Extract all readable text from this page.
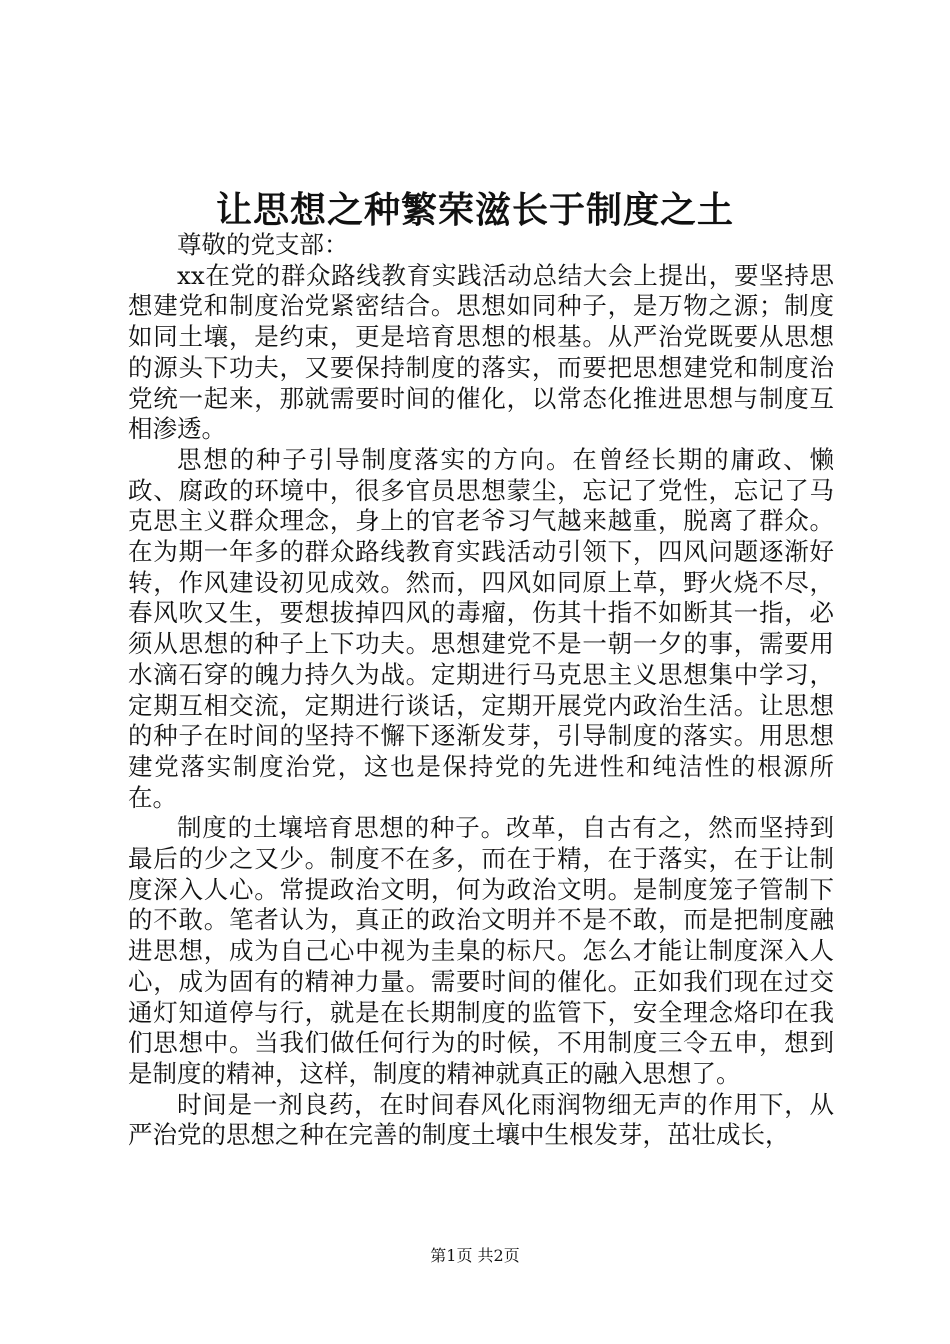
让思想之种繁荣滋长于制度之土

尊敬的党支部：

xx在党的群众路线教育实践活动总结大会上提出，要坚持思想建党和制度治党紧密结合。思想如同种子，是万物之源；制度如同土壤，是约束，更是培育思想的根基。从严治党既要从思想的源头下功夫，又要保持制度的落实，而要把思想建党和制度治党统一起来，那就需要时间的催化，以常态化推进思想与制度互相渗透。

思想的种子引导制度落实的方向。在曾经长期的庸政、懒政、腐政的环境中，很多官员思想蒙尘，忘记了党性，忘记了马克思主义群众理念，身上的官老爷习气越来越重，脱离了群众。在为期一年多的群众路线教育实践活动引领下，四风问题逐渐好转，作风建设初见成效。然而，四风如同原上草，野火烧不尽，春风吹又生，要想拔掉四风的毒瘤，伤其十指不如断其一指，必须从思想的种子上下功夫。思想建党不是一朝一夕的事，需要用水滴石穿的魄力持久为战。定期进行马克思主义思想集中学习，定期互相交流，定期进行谈话，定期开展党内政治生活。让思想的种子在时间的坚持不懈下逐渐发芽，引导制度的落实。用思想建党落实制度治党，这也是保持党的先进性和纯洁性的根源所在。

制度的土壤培育思想的种子。改革，自古有之，然而坚持到最后的少之又少。制度不在多，而在于精，在于落实，在于让制度深入人心。常提政治文明，何为政治文明。是制度笼子管制下的不敢。笔者认为，真正的政治文明并不是不敢，而是把制度融进思想，成为自己心中视为圭臬的标尺。怎么才能让制度深入人心，成为固有的精神力量。需要时间的催化。正如我们现在过交通灯知道停与行，就是在长期制度的监管下，安全理念烙印在我们思想中。当我们做任何行为的时候，不用制度三令五申，想到是制度的精神，这样，制度的精神就真正的融入思想了。

时间是一剂良药，在时间春风化雨润物细无声的作用下，从严治党的思想之种在完善的制度土壤中生根发芽，茁壮成长，

第1页 共2页
